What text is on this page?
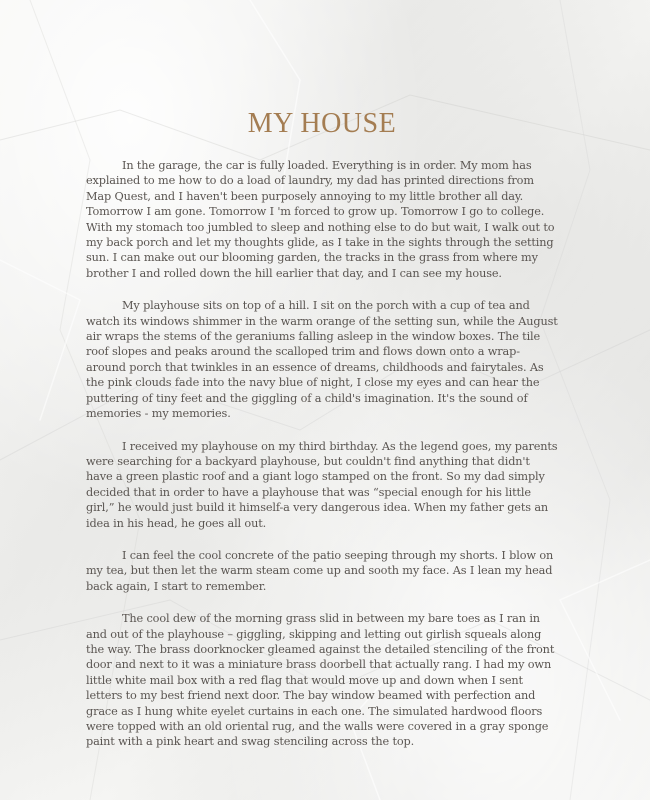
MY HOUSE

In the garage, the car is fully loaded. Everything is in order. My mom has explained to me how to do a load of laundry, my dad has printed directions from Map Quest, and I haven't been purposely annoying to my little brother all day. Tomorrow I am gone. Tomorrow I 'm forced to grow up. Tomorrow I go to college. With my stomach too jumbled to sleep and nothing else to do but wait, I walk out to my back porch and let my thoughts glide, as I take in the sights through the setting sun. I can make out our blooming garden, the tracks in the grass from where my brother I and rolled down the hill earlier that day, and I can see my house.

My playhouse sits on top of a hill. I sit on the porch with a cup of tea and watch its windows shimmer in the warm orange of the setting sun, while the August air wraps the stems of the geraniums falling asleep in the window boxes. The tile roof slopes and peaks around the scalloped trim and flows down onto a wrap-around porch that twinkles in an essence of dreams, childhoods and fairytales. As the pink clouds fade into the navy blue of night, I close my eyes and can hear the puttering of tiny feet and the giggling of a child's imagination. It's the sound of memories - my memories.

I received my playhouse on my third birthday. As the legend goes, my parents were searching for a backyard playhouse, but couldn't find anything that didn't have a green plastic roof and a giant logo stamped on the front. So my dad simply decided that in order to have a playhouse that was “special enough for his little girl,” he would just build it himself-a very dangerous idea. When my father gets an idea in his head, he goes all out.

I can feel the cool concrete of the patio seeping through my shorts. I blow on my tea, but then let the warm steam come up and sooth my face. As I lean my head back again, I start to remember.

The cool dew of the morning grass slid in between my bare toes as I ran in and out of the playhouse – giggling, skipping and letting out girlish squeals along the way. The brass doorknocker gleamed against the detailed stenciling of the front door and next to it was a miniature brass doorbell that actually rang. I had my own little white mail box with a red flag that would move up and down when I sent letters to my best friend next door. The bay window beamed with perfection and grace as I hung white eyelet curtains in each one. The simulated hardwood floors were topped with an old oriental rug, and the walls were covered in a gray sponge paint with a pink heart and swag stenciling across the top.
